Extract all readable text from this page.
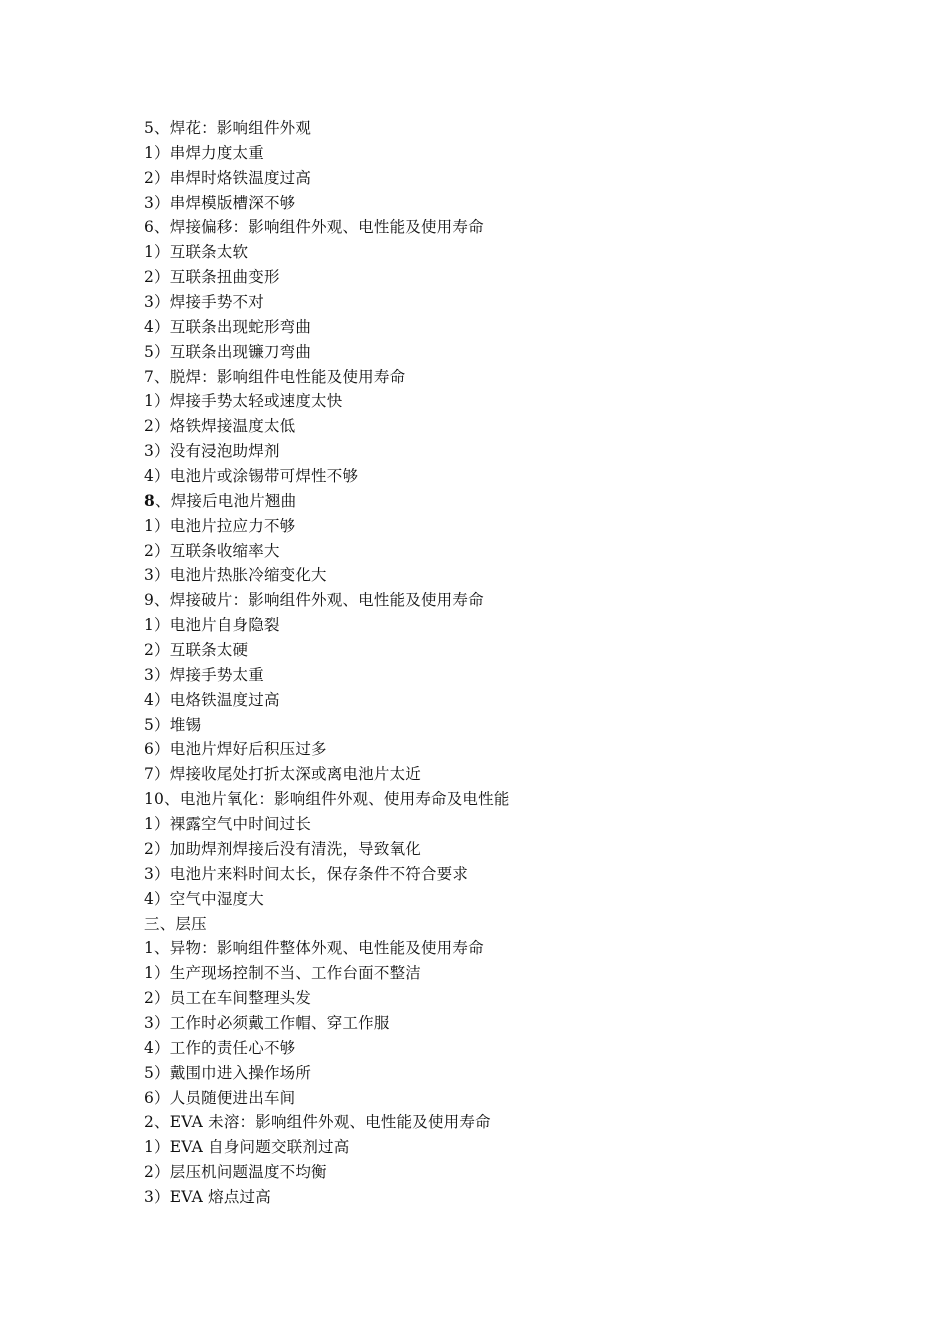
5、焊花：影响组件外观
1）串焊力度太重
2）串焊时烙铁温度过高
3）串焊模版槽深不够
6、焊接偏移：影响组件外观、电性能及使用寿命
1）互联条太软
2）互联条扭曲变形
3）焊接手势不对
4）互联条出现蛇形弯曲
5）互联条出现镰刀弯曲
7、脱焊：影响组件电性能及使用寿命
1）焊接手势太轻或速度太快
2）烙铁焊接温度太低
3）没有浸泡助焊剂
4）电池片或涂锡带可焊性不够
8、焊接后电池片翘曲
1）电池片拉应力不够
2）互联条收缩率大
3）电池片热胀冷缩变化大
9、焊接破片：影响组件外观、电性能及使用寿命
1）电池片自身隐裂
2）互联条太硬
3）焊接手势太重
4）电烙铁温度过高
5）堆锡
6）电池片焊好后积压过多
7）焊接收尾处打折太深或离电池片太近
10、电池片氧化：影响组件外观、使用寿命及电性能
1）裸露空气中时间过长
2）加助焊剂焊接后没有清洗，导致氧化
3）电池片来料时间太长，保存条件不符合要求
4）空气中湿度大
三、层压
1、异物：影响组件整体外观、电性能及使用寿命
1）生产现场控制不当、工作台面不整洁
2）员工在车间整理头发
3）工作时必须戴工作帽、穿工作服
4）工作的责任心不够
5）戴围巾进入操作场所
6）人员随便进出车间
2、EVA 未溶：影响组件外观、电性能及使用寿命
1）EVA 自身问题交联剂过高
2）层压机问题温度不均衡
3）EVA 熔点过高
